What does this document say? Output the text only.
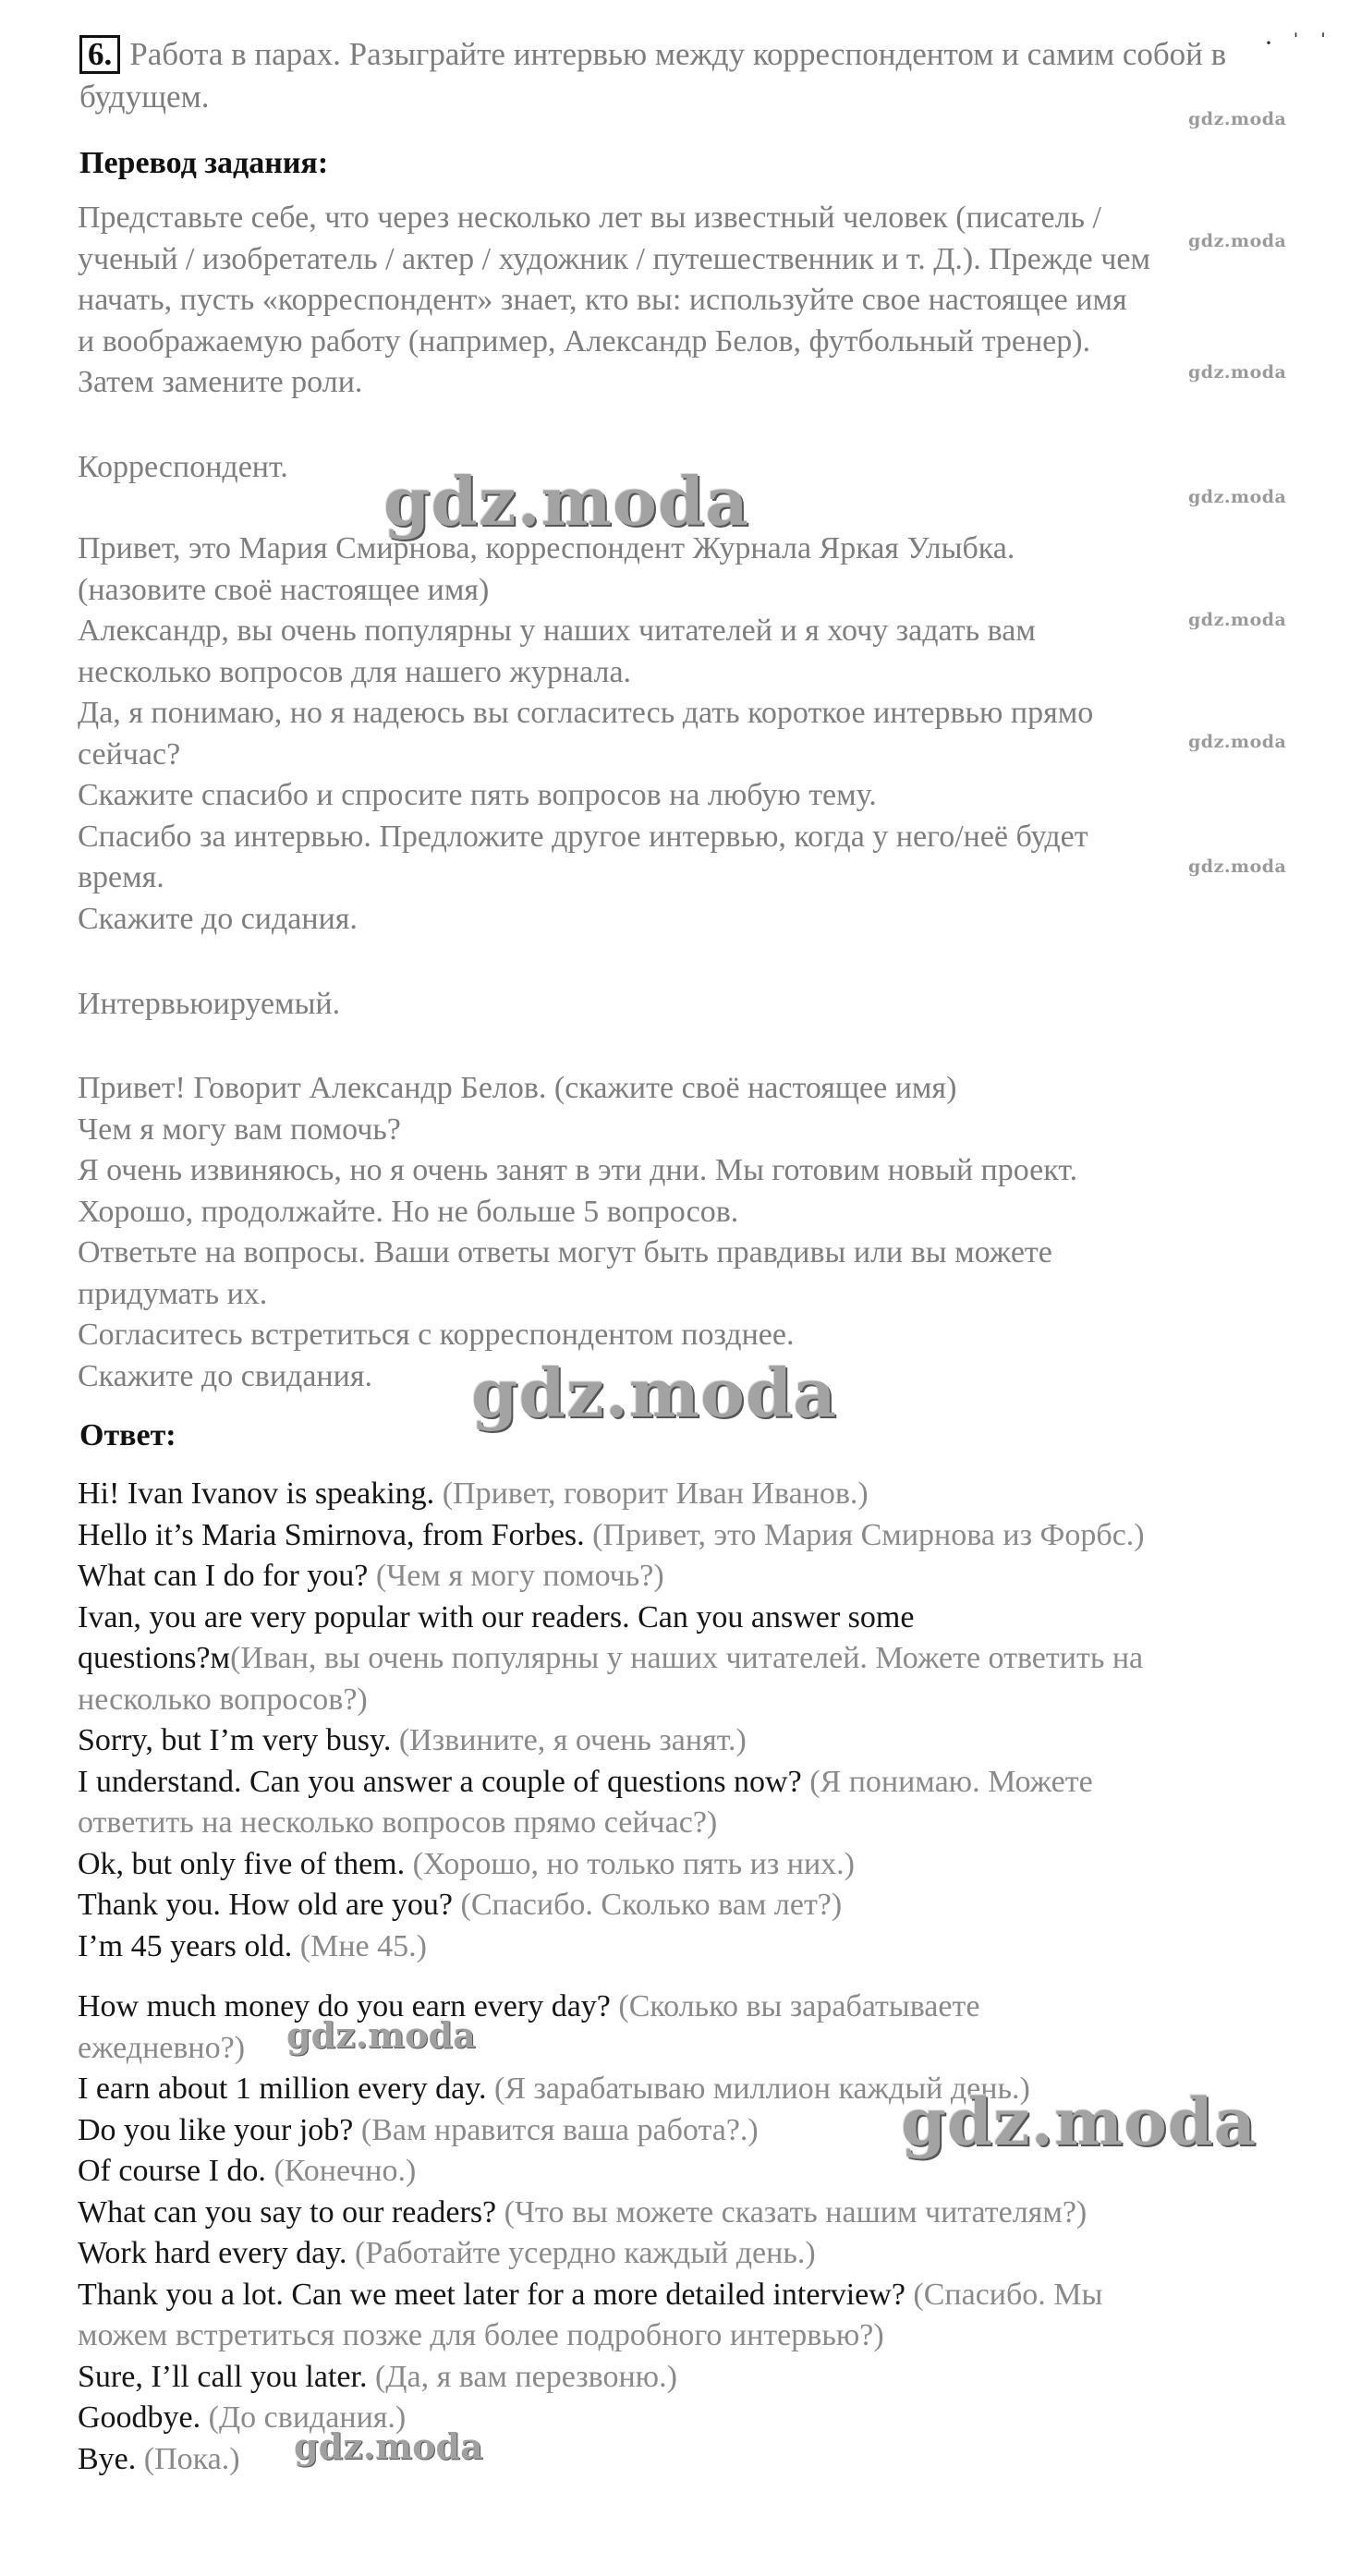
· ˈ ˈ
6. Работа в парах. Разыграйте интервью между корреспондентом и самим собой в будущем.
Перевод задания:

Представьте себе, что через несколько лет вы известный человек (писатель /

ученый / изобретатель / актер / художник / путешественник и т. Д.). Прежде чем

начать, пусть «корреспондент» знает, кто вы: используйте свое настоящее имя

и воображаемую работу (например, Александр Белов, футбольный тренер).

Затем замените роли.

Корреспондент.

Привет, это Мария Смирнова, корреспондент Журнала Яркая Улыбка.

(назовите своё настоящее имя)

Александр, вы очень популярны у наших читателей и я хочу задать вам

несколько вопросов для нашего журнала.

Да, я понимаю, но я надеюсь вы согласитесь дать короткое интервью прямо

сейчас?

Скажите спасибо и спросите пять вопросов на любую тему.

Спасибо за интервью. Предложите другое интервью, когда у него/неё будет

время.

Скажите до сидания.

Интервьюируемый.

Привет! Говорит Александр Белов. (скажите своё настоящее имя)

Чем я могу вам помочь?

Я очень извиняюсь, но я очень занят в эти дни. Мы готовим новый проект.

Хорошо, продолжайте. Но не больше 5 вопросов.

Ответьте на вопросы. Ваши ответы могут быть правдивы или вы можете

придумать их.

Согласитесь встретиться с корреспондентом позднее.

Скажите до свидания.

Ответ:

Hi! Ivan Ivanov is speaking. (Привет, говорит Иван Иванов.)

Hello it’s Maria Smirnova, from Forbes. (Привет, это Мария Смирнова из Форбс.)

What can I do for you? (Чем я могу помочь?)

Ivan, you are very popular with our readers. Can you answer some

questions?м(Иван, вы очень популярны у наших читателей. Можете ответить на

несколько вопросов?)

Sorry, but I’m very busy. (Извините, я очень занят.)

I understand. Can you answer a couple of questions now? (Я понимаю. Можете

ответить на несколько вопросов прямо сейчас?)

Ok, but only five of them. (Хорошо, но только пять из них.)

Thank you. How old are you? (Спасибо. Сколько вам лет?)

I’m 45 years old. (Мне 45.)

How much money do you earn every day? (Сколько вы зарабатываете

ежедневно?)

I earn about 1 million every day. (Я зарабатываю миллион каждый день.)

Do you like your job? (Вам нравится ваша работа?.)

Of course I do. (Конечно.)

What can you say to our readers? (Что вы можете сказать нашим читателям?)

Work hard every day. (Работайте усердно каждый день.)

Thank you a lot. Can we meet later for a more detailed interview? (Спасибо. Мы

можем встретиться позже для более подробного интервью?)

Sure, I’ll call you later. (Да, я вам перезвоню.)

Goodbye. (До свидания.)

Bye. (Пока.)

gdz.moda
gdz.moda
gdz.moda
gdz.moda
gdz.moda
gdz.moda
gdz.moda
gdz.moda
gdz.moda
gdz.moda
gdz.moda
gdz.moda
